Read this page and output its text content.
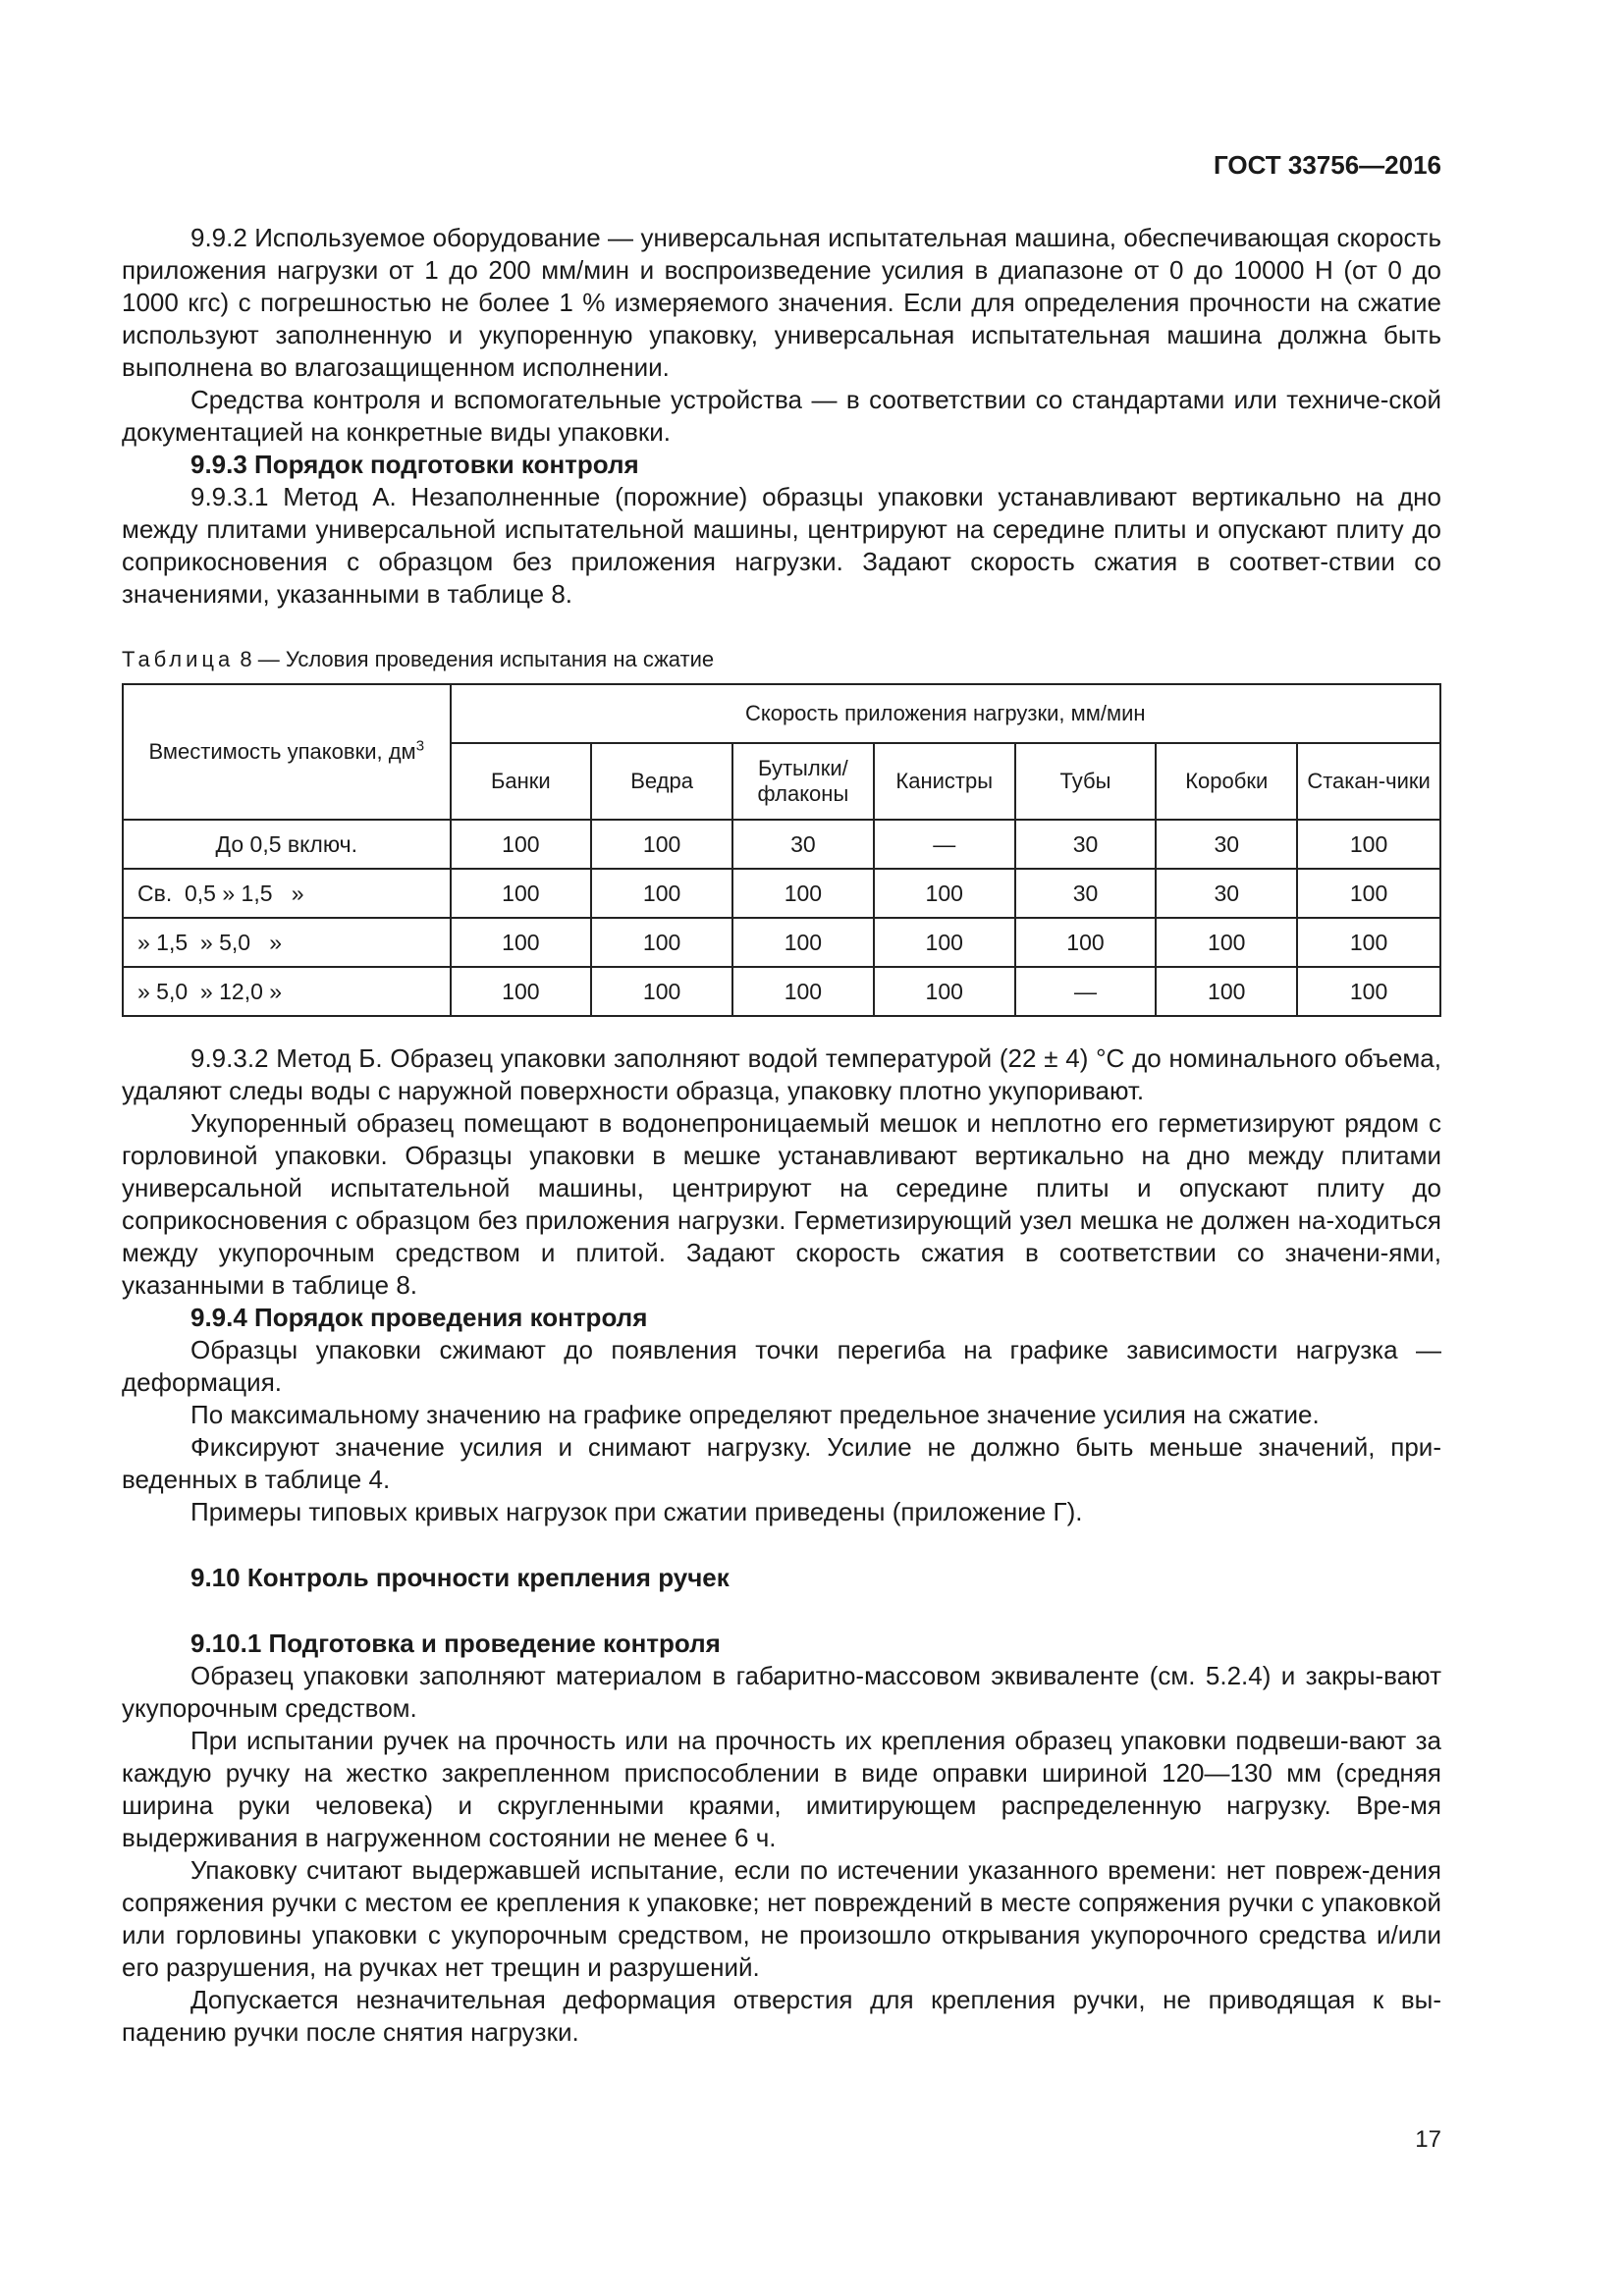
ГОСТ 33756—2016

9.9.2 Используемое оборудование — универсальная испытательная машина, обеспечивающая скорость приложения нагрузки от 1 до 200 мм/мин и воспроизведение усилия в диапазоне от 0 до 10000 Н (от 0 до 1000 кгс) с погрешностью не более 1 % измеряемого значения. Если для определения прочности на сжатие используют заполненную и укупоренную упаковку, универсальная испытательная машина должна быть выполнена во влагозащищенном исполнении.

Средства контроля и вспомогательные устройства — в соответствии со стандартами или техниче-ской документацией на конкретные виды упаковки.

9.9.3 Порядок подготовки контроля

9.9.3.1 Метод А. Незаполненные (порожние) образцы упаковки устанавливают вертикально на дно между плитами универсальной испытательной машины, центрируют на середине плиты и опускают плиту до соприкосновения с образцом без приложения нагрузки. Задают скорость сжатия в соответ-ствии со значениями, указанными в таблице 8.

Таблица 8 — Условия проведения испытания на сжатие

Вместимость упаковки, $дм^3$	Скорость приложения нагрузки, мм/мин						
	Банки	Ведра	Бутылки/ флаконы	Канистры	Тубы	Коробки	Стакан-чики
До 0,5 включ.	100	100	30	—	30	30	100
Св.  0,5 » 1,5   »	100	100	100	100	30	30	100
» 1,5  » 5,0   »	100	100	100	100	100	100	100
» 5,0  » 12,0 »	100	100	100	100	—	100	100

9.9.3.2 Метод Б. Образец упаковки заполняют водой температурой (22 ± 4) °С до номинального объема, удаляют следы воды с наружной поверхности образца, упаковку плотно укупоривают.

Укупоренный образец помещают в водонепроницаемый мешок и неплотно его герметизируют рядом с горловиной упаковки. Образцы упаковки в мешке устанавливают вертикально на дно между плитами универсальной испытательной машины, центрируют на середине плиты и опускают плиту до соприкосновения с образцом без приложения нагрузки. Герметизирующий узел мешка не должен на-ходиться между укупорочным средством и плитой. Задают скорость сжатия в соответствии со значени-ями, указанными в таблице 8.

9.9.4 Порядок проведения контроля

Образцы упаковки сжимают до появления точки перегиба на графике зависимости нагрузка — деформация.

По максимальному значению на графике определяют предельное значение усилия на сжатие.

Фиксируют значение усилия и снимают нагрузку. Усилие не должно быть меньше значений, при-веденных в таблице 4.

Примеры типовых кривых нагрузок при сжатии приведены (приложение Г).

9.10 Контроль прочности крепления ручек

9.10.1 Подготовка и проведение контроля

Образец упаковки заполняют материалом в габаритно-массовом эквиваленте (см. 5.2.4) и закры-вают укупорочным средством.

При испытании ручек на прочность или на прочность их крепления образец упаковки подвеши-вают за каждую ручку на жестко закрепленном приспособлении в виде оправки шириной 120—130 мм (средняя ширина руки человека) и скругленными краями, имитирующем распределенную нагрузку. Вре-мя выдерживания в нагруженном состоянии не менее 6 ч.

Упаковку считают выдержавшей испытание, если по истечении указанного времени: нет повреж-дения сопряжения ручки с местом ее крепления к упаковке; нет повреждений в месте сопряжения ручки с упаковкой или горловины упаковки с укупорочным средством, не произошло открывания укупорочного средства и/или его разрушения, на ручках нет трещин и разрушений.

Допускается незначительная деформация отверстия для крепления ручки, не приводящая к вы-падению ручки после снятия нагрузки.

17
